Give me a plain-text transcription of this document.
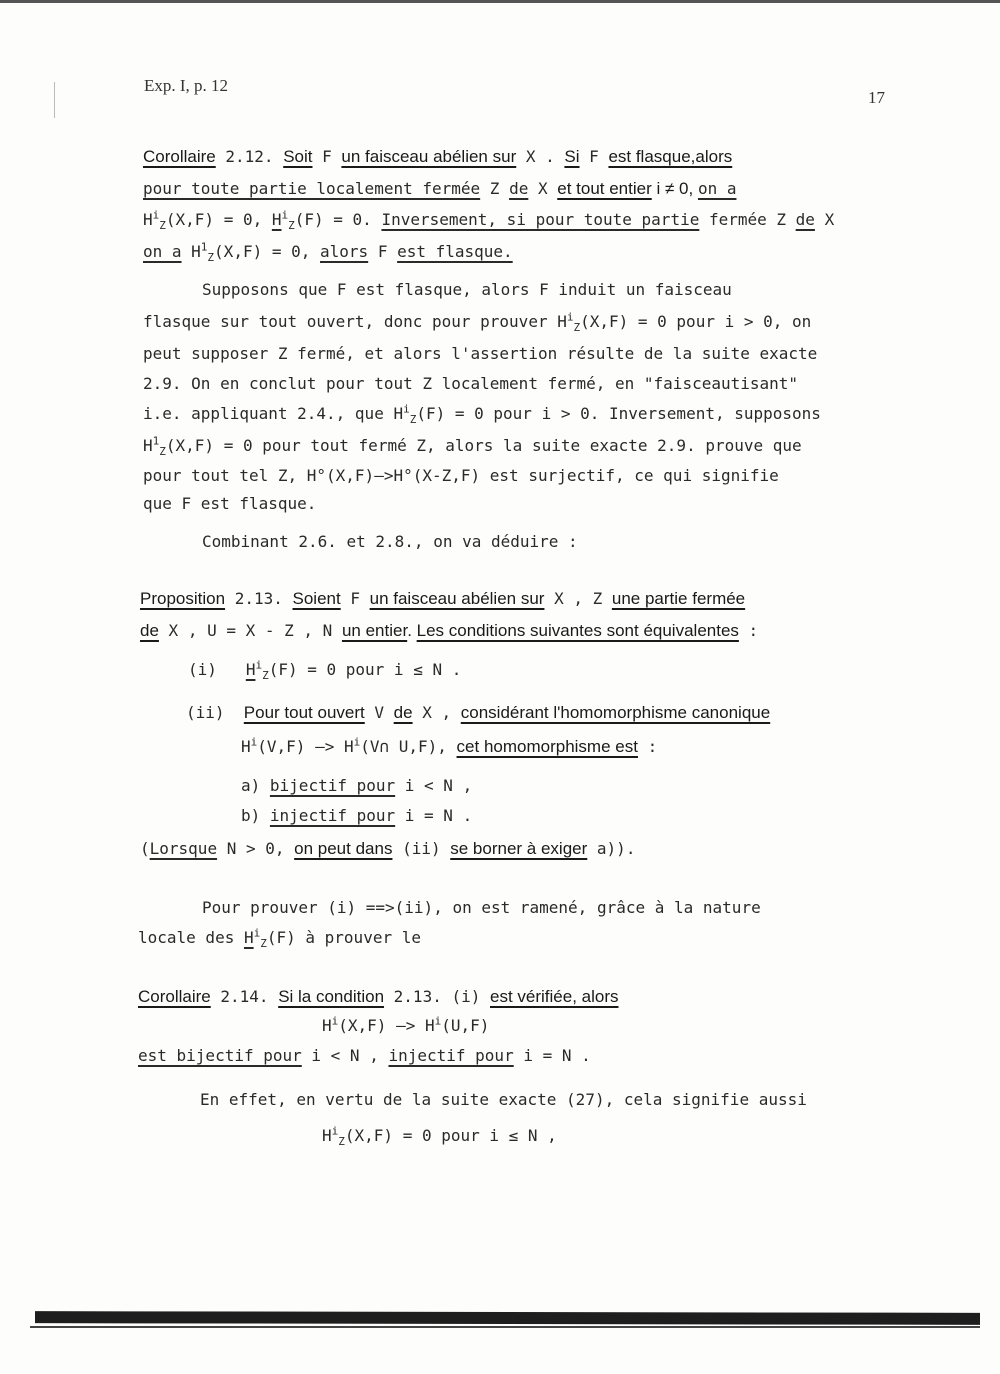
Exp. I, p. 12
17
Corollaire 2.12. Soit F un faisceau abélien sur X . Si F est flasque,alors
pour toute partie localement fermée Z de X et tout entier i ≠ 0, on a
$H^i_Z(X,F) = 0$, $H^i_Z(F) = 0$. Inversement, si pour toute partie fermée Z de X
on a $H^1_Z(X,F) = 0$, alors F est flasque.
Supposons que F est flasque, alors F induit un faisceau
flasque sur tout ouvert, donc pour prouver $H^i_Z(X,F) = 0$ pour i > 0, on
peut supposer Z fermé, et alors l'assertion résulte de la suite exacte
2.9. On en conclut pour tout Z localement fermé, en "faisceautisant"
i.e. appliquant 2.4., que $H^i_Z(F) = 0$ pour i > 0. Inversement, supposons
$H^1_Z(X,F) = 0$ pour tout fermé Z, alors la suite exacte 2.9. prouve que
pour tout tel Z, H°(X,F)—>H°(X-Z,F) est surjectif, ce qui signifie
que F est flasque.
Combinant 2.6. et 2.8., on va déduire :
Proposition 2.13. Soient F un faisceau abélien sur X , Z une partie fermée
de X , U = X - Z , N un entier. Les conditions suivantes sont équivalentes :
(i) $H^i_Z(F) = 0$ pour i ≤ N .
(ii) Pour tout ouvert V de X , considérant l'homomorphisme canonique
$H^i(V,F)$ —> $H^i(V\cap$ U,F), cet homomorphisme est :
a) bijectif pour i < N ,
b) injectif pour i = N .
(Lorsque N > 0, on peut dans (ii) se borner à exiger a)).
Pour prouver (i) ==>(ii), on est ramené, grâce à la nature
locale des $H^i_Z(F)$ à prouver le
Corollaire 2.14. Si la condition 2.13. (i) est vérifiée, alors
$H^i(X,F)$ —> $H^i(U,F)$
est bijectif pour i < N , injectif pour i = N .
En effet, en vertu de la suite exacte (27), cela signifie aussi
$H^i_Z(X,F) = 0$ pour i ≤ N ,
